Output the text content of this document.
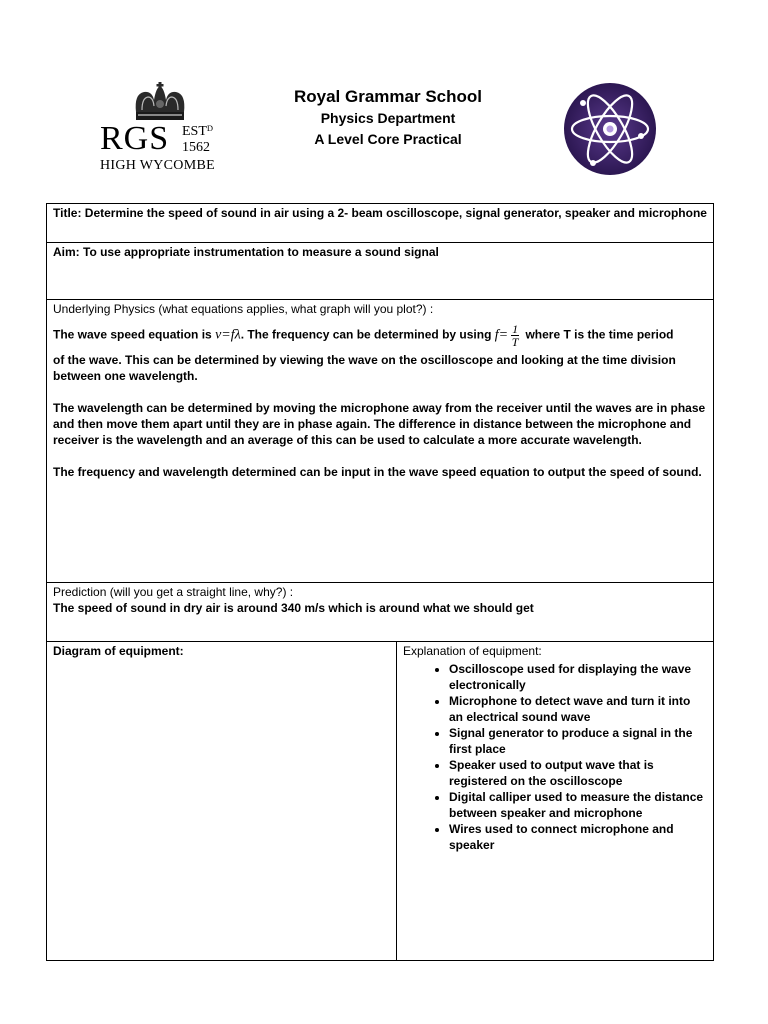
RGS ESTᴰ
1562
HIGH WYCOMBE
Royal Grammar School
Physics Department
A Level Core Practical
Title: Determine the speed of sound in air using a 2- beam oscilloscope, signal generator, speaker and microphone
Aim: To use appropriate instrumentation to measure a sound signal

Underlying Physics (what equations applies, what graph will you plot?) :

The wave speed equation is v=fλ. The frequency can be determined by using $f= \frac{1}{T}$ where T is the time period
of the wave. This can be determined by viewing the wave on the oscilloscope and looking at the time division between one wavelength.

The wavelength can be determined by moving the microphone away from the receiver until the waves are in phase and then move them apart until they are in phase again. The difference in distance between the microphone and receiver is the wavelength and an average of this can be used to calculate a more accurate wavelength.

The frequency and wavelength determined can be input in the wave speed equation to output the speed of sound.

Prediction (will you get a straight line, why?) :

The speed of sound in dry air is around 340 m/s which is around what we should get

Diagram of equipment:	Explanation of equipment:
• Oscilloscope used for displaying the wave electronically
• Microphone to detect wave and turn it into an electrical sound wave
• Signal generator to produce a signal in the first place
• Speaker used to output wave that is registered on the oscilloscope
• Digital calliper used to measure the distance between speaker and microphone
• Wires used to connect microphone and speaker
